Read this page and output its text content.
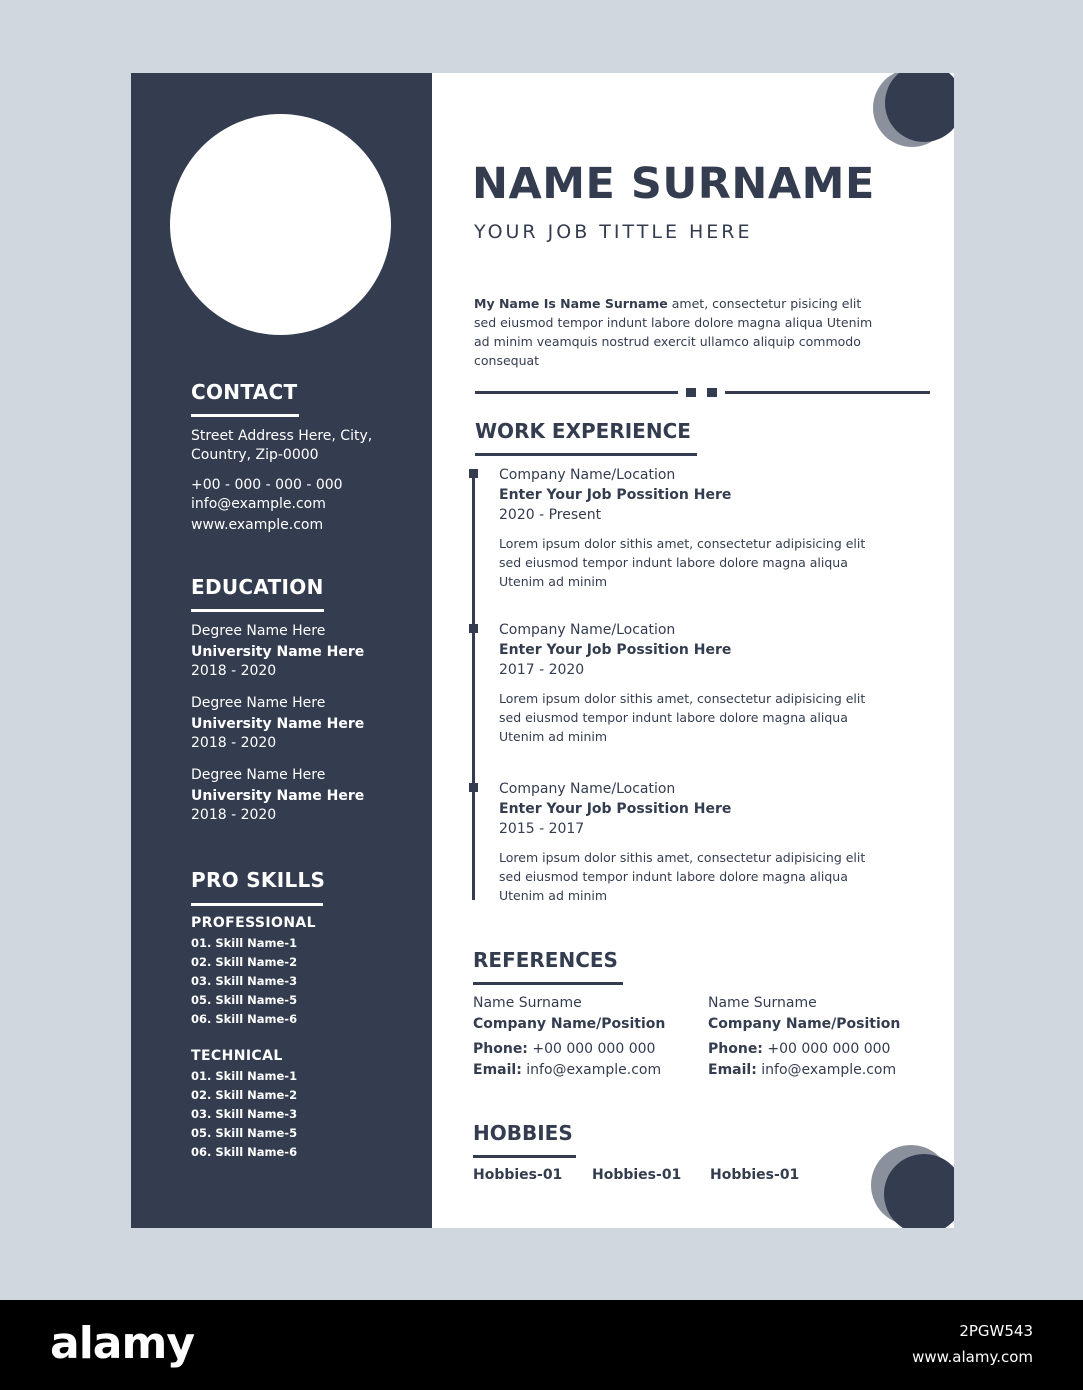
CONTACT
Street Address Here, City,
Country, Zip-0000
+00 - 000 - 000 - 000
info@example.com
www.example.com
EDUCATION
Degree Name Here
University Name Here
2018 - 2020
Degree Name Here
University Name Here
2018 - 2020
Degree Name Here
University Name Here
2018 - 2020
PRO SKILLS
PROFESSIONAL
01. Skill Name-1
02. Skill Name-2
03. Skill Name-3
05. Skill Name-5
06. Skill Name-6
TECHNICAL
01. Skill Name-1
02. Skill Name-2
03. Skill Name-3
05. Skill Name-5
06. Skill Name-6
NAME SURNAME
YOUR JOB TITTLE HERE
My Name Is Name Surname amet, consectetur pisicing elit sed eiusmod tempor indunt labore dolore magna aliqua Utenim ad minim veamquis nostrud exercit ullamco aliquip commodo consequat
WORK EXPERIENCE
Company Name/Location
Enter Your Job Possition Here
2020 - Present
Lorem ipsum dolor sithis amet, consectetur adipisicing elit sed eiusmod tempor indunt labore dolore magna aliqua Utenim ad minim
Company Name/Location
Enter Your Job Possition Here
2017 - 2020
Lorem ipsum dolor sithis amet, consectetur adipisicing elit sed eiusmod tempor indunt labore dolore magna aliqua Utenim ad minim
Company Name/Location
Enter Your Job Possition Here
2015 - 2017
Lorem ipsum dolor sithis amet, consectetur adipisicing elit sed eiusmod tempor indunt labore dolore magna aliqua Utenim ad minim
REFERENCES
Name Surname
Company Name/Position
Phone: +00 000 000 000
Email: info@example.com
Name Surname
Company Name/Position
Phone: +00 000 000 000
Email: info@example.com
HOBBIES
Hobbies-01 Hobbies-01 Hobbies-01
alamy	2PGW543
www.alamy.com
